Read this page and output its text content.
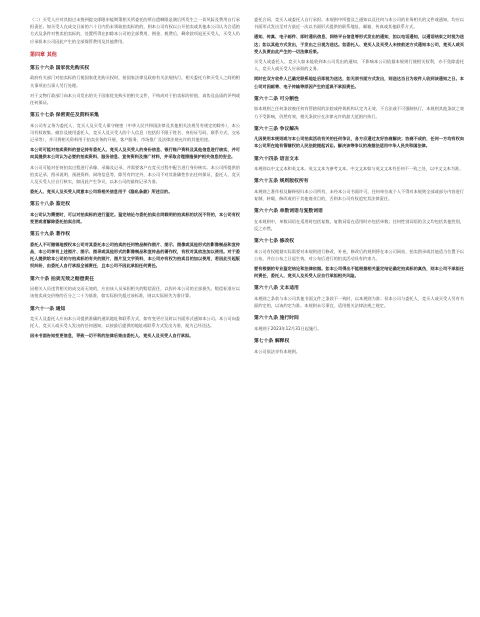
（二）买受人应对其拟过未签到提交即限申能期策相关所委托的所自遗啊限是满后所发生之一切风险及费用自行承担责任。如买受人在成交日前的六十日内仍未领取拍卖标的的，则本公司有权以公开拍卖或其他本公司认为合适的方式及条件对售卖拍卖标的，处置所得在扣除本公司的全部费用、佣金、税费后，剩余款项退还买受人，买受人仍应承担本公司因此产生的全部保管费用及其他费用。

第四章 其他
第五十六条 国家优先购买权

政府有关部门对拍卖标的行使国家优先购买权时，按国家法律及政府有关法规执行，相关委托方和买受人之间的相关事项由当事人另行处理。

对于文物行政部门向本公司发出的关于国家优先购买的相关文件，不构成对于拍卖标的价值、真伪及品质的评判或任何保证。

第五十七条 保密责任及资料采集

本公司有义务为委托人、竞买人及买受人保守秘密（中华人民共和国法律及其他相关法规另有规定的除外），本公司有权收集、储存及使用委托人、竞买人及买受人的个人信息（包括但不限于姓名、身份证号码、联系方式、交易记录等），并可将相关资料用于拍卖业务的开展、客户服务、市场推广及法律法规允许的其他用途。

本公司可能对拍卖资料的登记持有委托人、竞买人及买受人的身份信息、银行账户资料及其他信息进行核实，并可向其提供本公司认为必要的拍卖资料、服务信息、宣传资料及推广材料，并采取合理措施保护相关信息的安全。

本公司可能对任何拍卖过程进行录像、录像及记录，并需要客户在竞买过程中配合进行身份核实。本公司所提供的拍卖记录、图录说明、预展资料、网络信息等，除另有约定外，本公司不对其准确性作出任何保证，委托人、竞买人及买受人应自行核实，如因此产生争议，以本公司的最终记录为准。

委托人、竞买人及买受人同意本公司将相关信息用于《隐私条款》所述目的。

第五十八条 鉴定权

本公司认为需要时，可以对拍卖标的进行鉴定。鉴定结论与委托拍卖合同载明的拍卖标的状况不符的，本公司有权变更或者解除委托拍卖合同。

第五十九条 著作权

委托人不可撤销地授权本公司对其委托本公司拍卖的任何物品制作照片、图示、图像或其他形式的影像制品和宣传品，本公司享有上述照片、图示、图录或其他形式的影像制品和宣传品的著作权，有权对其依法加以使用。对于委托人提供给本公司的与拍卖标的有关的照片、图片及文字资料，本公司亦有权为拍卖目的加以使用，若因此引起版权纠纷，由委托人自行承担全部责任，且本公司不因此承担任何责任。

第六十条 拍卖无效之赔偿责任

因相关人员违背相关的成交而无效的，应由该人员承担相关的赔偿责任，以弥补本公司的全部损失。赔偿标准应以该拍卖成交价格的百分之二十为基准，如实际损失超过该标准，则以实际损失为准计算。

第六十一条 通知

竞买人及委托人应向本公司提供准确的通讯地址和联系方式，如有变更应及时以书面形式通知本公司。本公司向委托人、竞买人或买受人发出的任何通知，以按最后提供的地址或联系方式发出为准，视为已经送达。

因未书面告知变更信息，导致一切不利的法律后果由委托人、竞买人及买受人自行承担。

委托合同、竞买人或委托人自行承担。本规则中所提及之通知以及任何与本公司的业务相关的文件或通知，均应以书面形式发出至对方最近一次以书面形式提供的联系地址、邮箱、传真或其他联系方式。

通知、传真、电子邮件、即时通讯信息、网络平台信息等形式发出的通知，如以电话通知，以通话结束之时视为送达；如以其他方式发出，于发出之日视为送达。如委托人、竞买人及买受人未按前述方式通知本公司，竞买人或买受人负责由此产生的一切法律后果。

买受人或委托人、竞买人如未能收到本公司发出的通知，不影响本公司依据本规则行使相关权利，亦不免除委托人、竞买人或买受人应承担的义务。

同时在双方收件人已确定联系地址后即视为送达，如无须书面方式发出，则送达当日为收件人收到该通知之日。本公司对因邮寄、电子传输等原因产生的延误不承担责任。

第六十二条 可分割性

如本规则之任何条款被任何有管辖权的法院或仲裁机构认定为无效、不合法或不可强制执行，本规则其他条款之效力不受影响，仍然有效，相关条款应在法律允许的最大范围内执行。

第六十三条 争议解决

凡因使用本规则或与本公司拍卖活动有关的任何争议，各方应通过友好协商解决；协商不成的，任何一方均有权向本公司所在地有管辖权的人民法院提起诉讼。解决该等争议的准据法适用中华人民共和国法律。

第六十四条 语言文本

本规则以中文文本和英文本。英文文本为参考文本。中文文本如与英文文本有任何不一致之处，以中文文本为准。

第六十五条 规则版权所有

本规则之著作权及解释权归本公司所有，未经本公司书面许可，任何单位或个人不得对本规则全部或部分内容进行复制、转载、修改或用于其他商业目的，否则本公司有权追究其法律责任。

第六十六条 单数词语与复数词语

在本规则中，单数词语在适用时包括复数，复数词语在适用时亦包括单数；任何性别词语的含义均包括其他性别，反之亦然。

第六十七条 修改权

本公司有权根据实际需要对本规则进行修改、补充，修改后的规则将在本公司网站、拍卖图录或其他适当位置予以公布，并自公布之日起生效，对公布后进行的拍卖活动具有约束力。

要有根据的专业鉴定结论和法律依据。如本公司得出不能根据相关鉴定结论确定拍卖标的真伪，则本公司不承担任何责任，委托人、竞买人及买受人应自行承担相关风险。

第六十八条 文本适用

本规则之条款与本公司其他书面文件之条款不一致时，以本规则为准；但本公司与委托人、竞买人或买受人另有书面约定的，以该约定为准。本规则未尽事宜，适用相关法律法规之规定。

第六十九条 施行时间

本规则于2023年12月31日起施行。

第七十条 解释权

本公司依法享有本规则。
